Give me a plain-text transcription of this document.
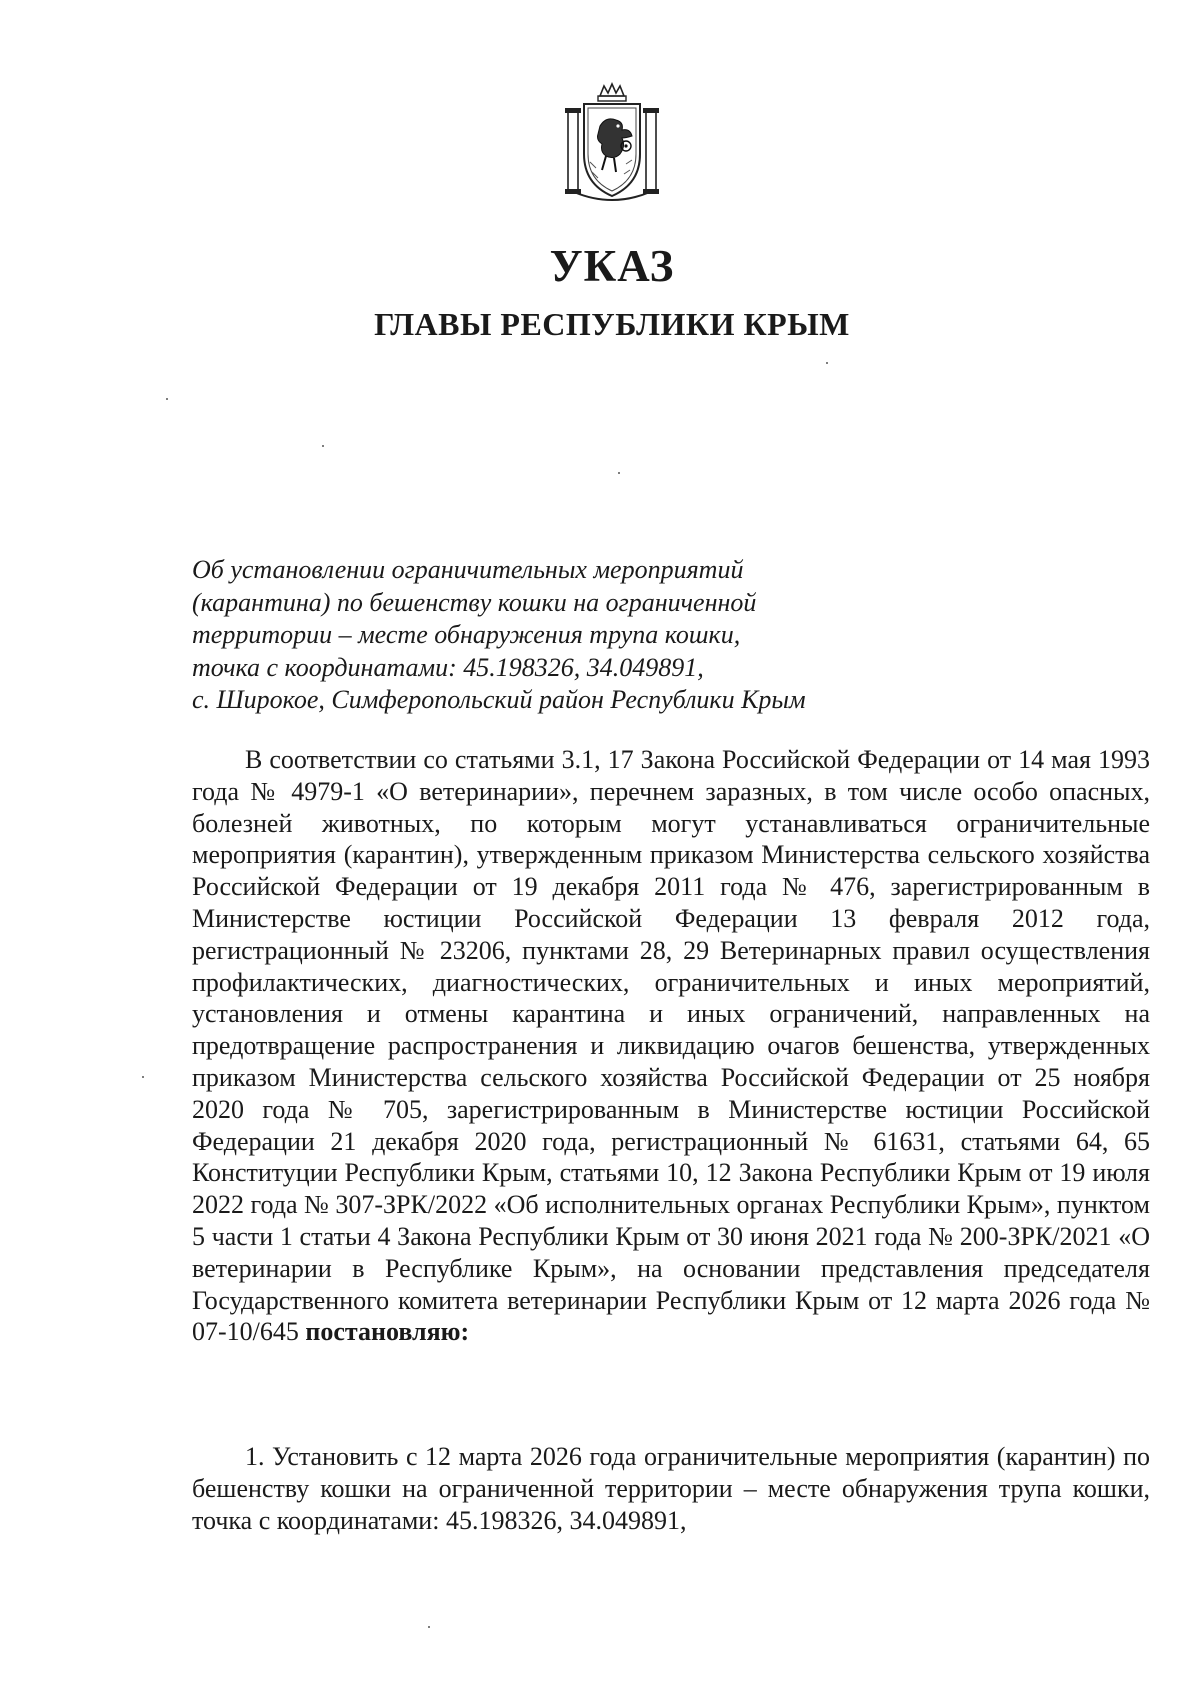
УКАЗ
ГЛАВЫ РЕСПУБЛИКИ КРЫМ
Об установлении ограничительных мероприятий
(карантина) по бешенству кошки на ограниченной
территории – месте обнаружения трупа кошки,
точка с координатами: 45.198326, 34.049891,
с. Широкое, Симферопольский район Республики Крым

В соответствии со статьями 3.1, 17 Закона Российской Федерации от 14 мая 1993 года № 4979-1 «О ветеринарии», перечнем заразных, в том числе особо опасных, болезней животных, по которым могут устанавливаться ограничительные мероприятия (карантин), утвержденным приказом Министерства сельского хозяйства Российской Федерации от 19 декабря 2011 года № 476, зарегистрированным в Министерстве юстиции Российской Федерации 13 февраля 2012 года, регистрационный № 23206, пунктами 28, 29 Ветеринарных правил осуществления профилактических, диагностических, ограничительных и иных мероприятий, установления и отмены карантина и иных ограничений, направленных на предотвращение распространения и ликвидацию очагов бешенства, утвержденных приказом Министерства сельского хозяйства Российской Федерации от 25 ноября 2020 года № 705, зарегистрированным в Министерстве юстиции Российской Федерации 21 декабря 2020 года, регистрационный № 61631, статьями 64, 65 Конституции Республики Крым, статьями 10, 12 Закона Республики Крым от 19 июля 2022 года № 307-ЗРК/2022 «Об исполнительных органах Республики Крым», пунктом 5 части 1 статьи 4 Закона Республики Крым от 30 июня 2021 года № 200-ЗРК/2021 «О ветеринарии в Республике Крым», на основании представления председателя Государственного комитета ветеринарии Республики Крым от 12 марта 2026 года № 07-10/645 постановляю:

1. Установить с 12 марта 2026 года ограничительные мероприятия (карантин) по бешенству кошки на ограниченной территории – месте обнаружения трупа кошки, точка с координатами: 45.198326, 34.049891,
